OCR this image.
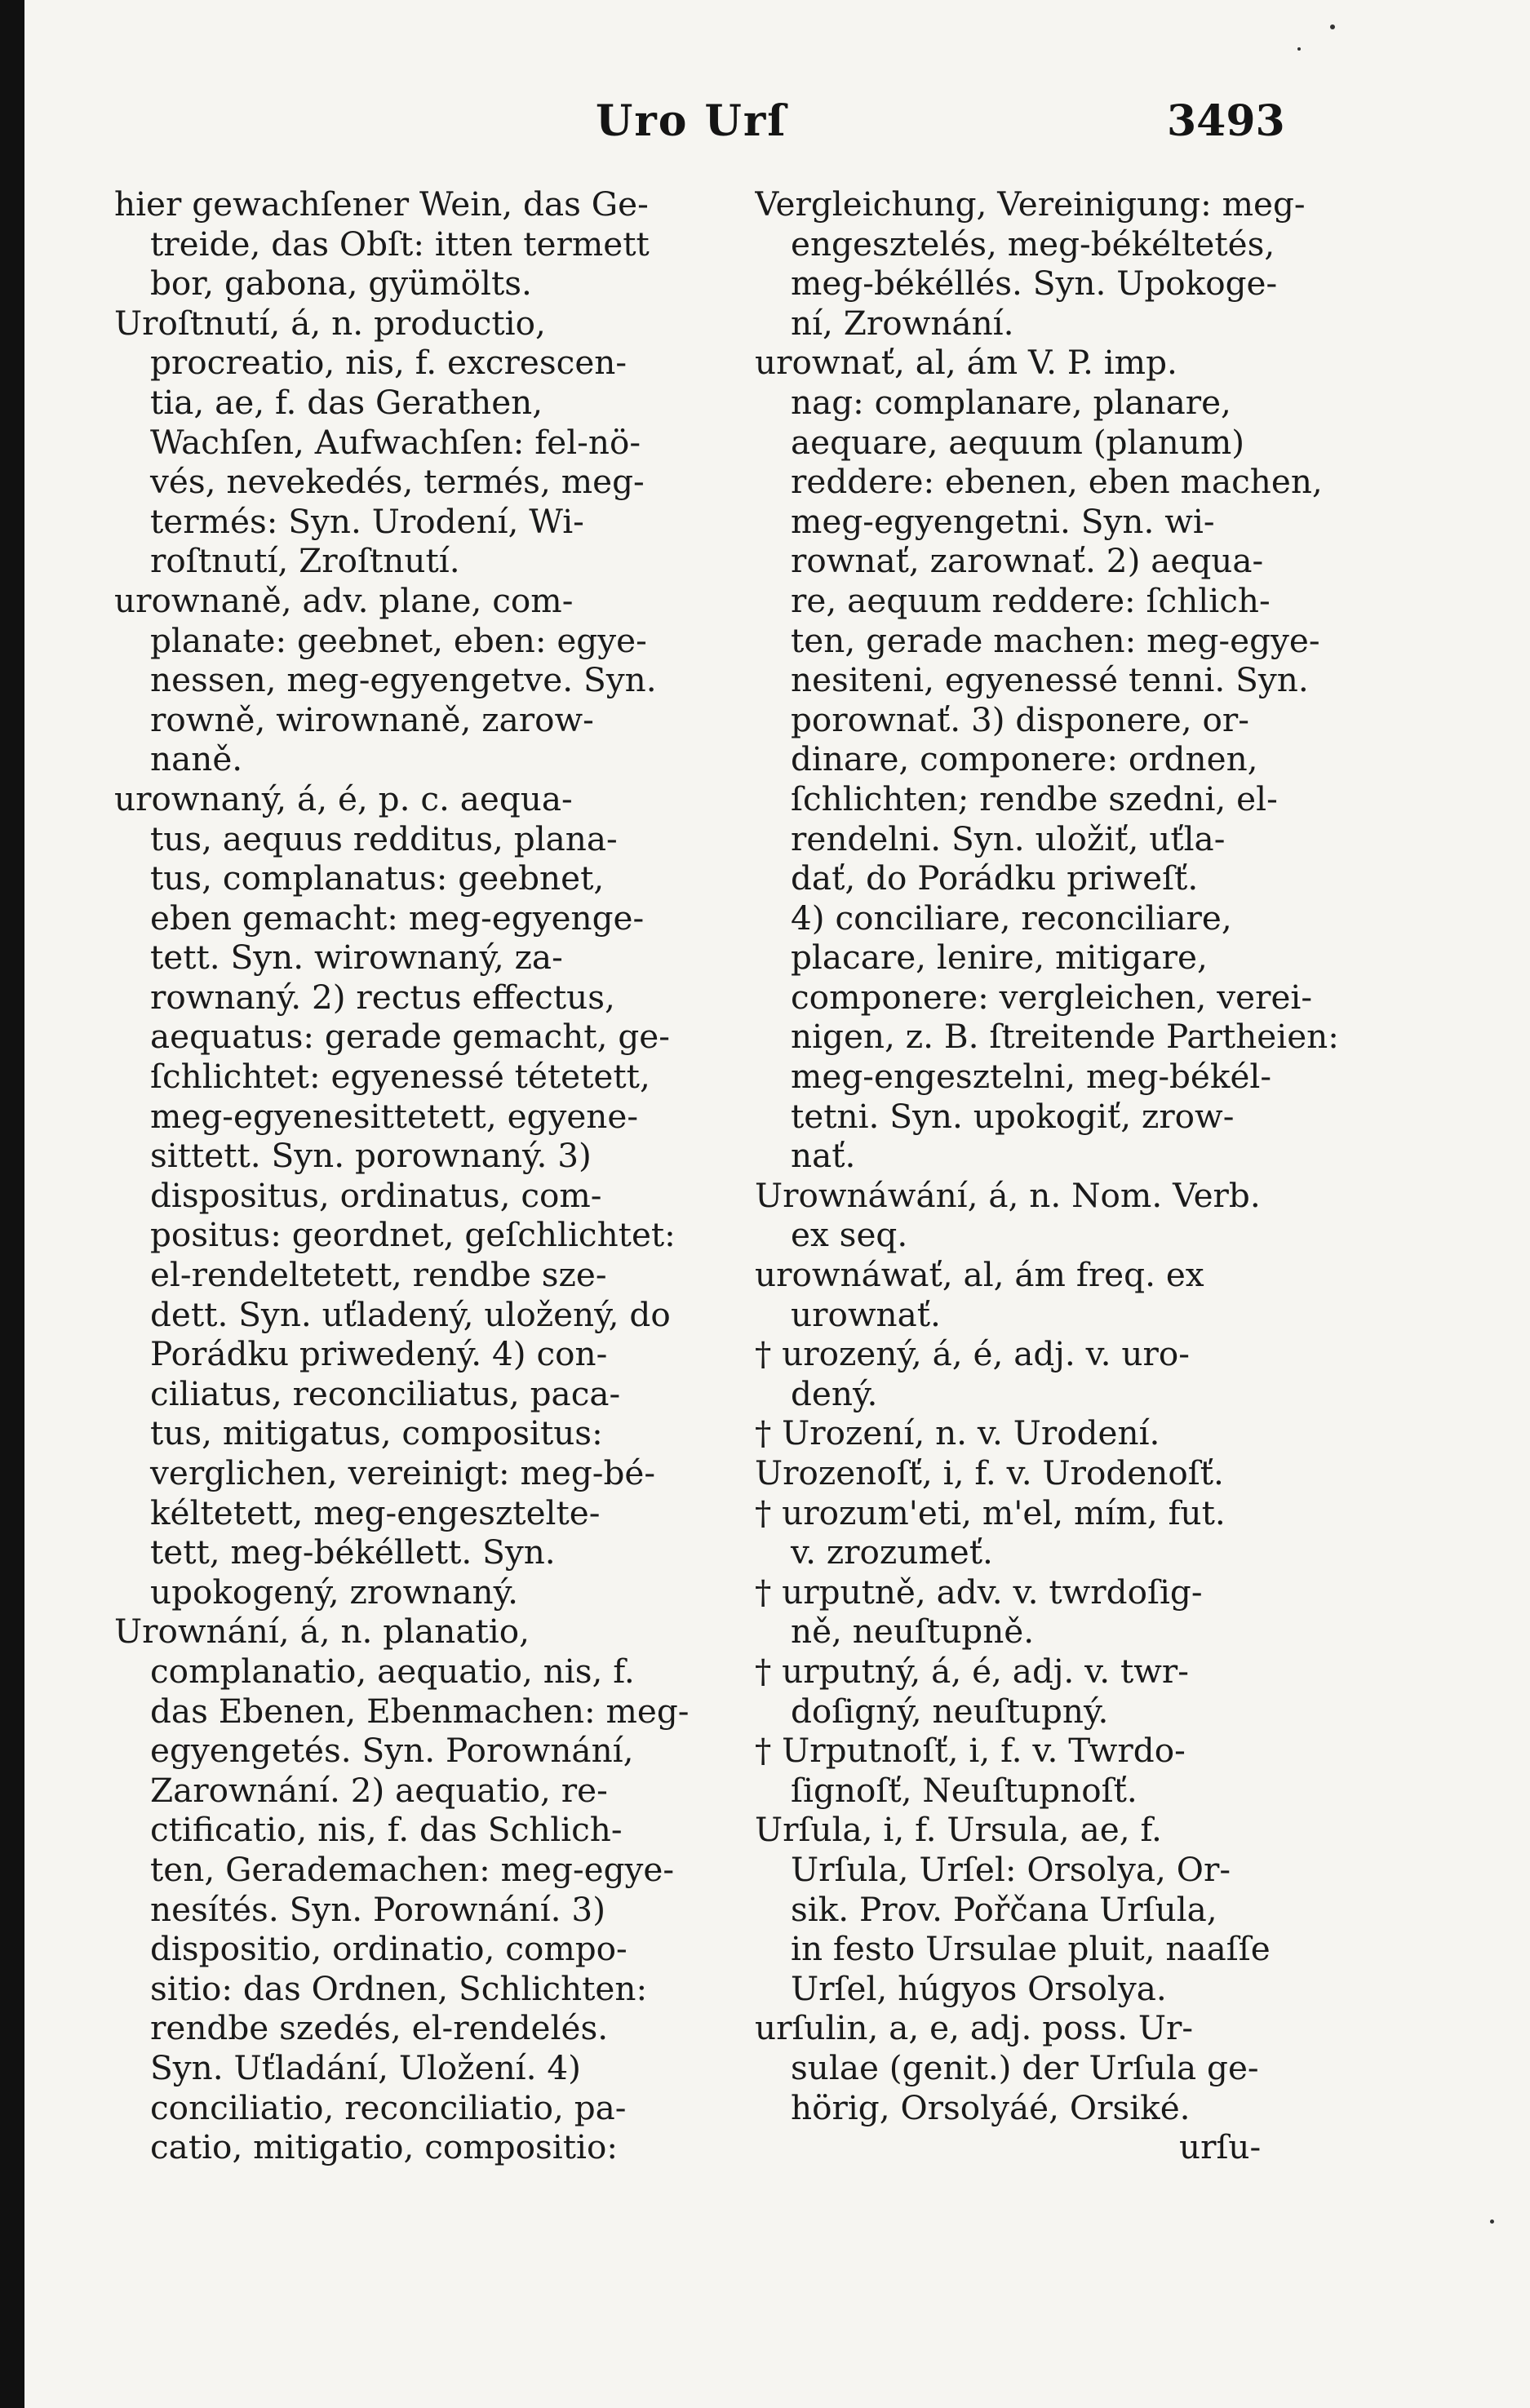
Uro Urſ	3493
hier gewachſener Wein, das Ge-
treide, das Obſt: itten termett
bor, gabona, gyümölts.
Uroſtnutí, á, n. productio,
procreatio, nis, f. excrescen-
tia, ae, f. das Gerathen,
Wachſen, Aufwachſen: fel-nö-
vés, nevekedés, termés, meg-
termés: Syn. Urodení, Wi-
roſtnutí, Zroſtnutí.
urownaně, adv. plane, com-
planate: geebnet, eben: egye-
nessen, meg-egyengetve. Syn.
rowně, wirownaně, zarow-
naně.
urownaný, á, é, p. c. aequa-
tus, aequus redditus, plana-
tus, complanatus: geebnet,
eben gemacht: meg-egyenge-
tett. Syn. wirownaný, za-
rownaný. 2) rectus effectus,
aequatus: gerade gemacht, ge-
ſchlichtet: egyenessé tétetett,
meg-egyenesittetett, egyene-
sittett. Syn. porownaný. 3)
dispositus, ordinatus, com-
positus: geordnet, geſchlichtet:
el-rendeltetett, rendbe sze-
dett. Syn. uťladený, uložený, do
Porádku priwedený. 4) con-
ciliatus, reconciliatus, paca-
tus, mitigatus, compositus:
verglichen, vereinigt: meg-bé-
kéltetett, meg-engesztelte-
tett, meg-békéllett. Syn.
upokogený, zrownaný.
Urownání, á, n. planatio,
complanatio, aequatio, nis, f.
das Ebenen, Ebenmachen: meg-
egyengetés. Syn. Porownání,
Zarownání. 2) aequatio, re-
ctificatio, nis, f. das Schlich-
ten, Gerademachen: meg-egye-
nesítés. Syn. Porownání. 3)
dispositio, ordinatio, compo-
sitio: das Ordnen, Schlichten:
rendbe szedés, el-rendelés.
Syn. Uťladání, Uložení. 4)
conciliatio, reconciliatio, pa-
catio, mitigatio, compositio:
Vergleichung, Vereinigung: meg-
engesztelés, meg-békéltetés,
meg-békéllés. Syn. Upokoge-
ní, Zrownání.
urownať, al, ám V. P. imp.
nag: complanare, planare,
aequare, aequum (planum)
reddere: ebenen, eben machen,
meg-egyengetni. Syn. wi-
rownať, zarownať. 2) aequa-
re, aequum reddere: ſchlich-
ten, gerade machen: meg-egye-
nesiteni, egyenessé tenni. Syn.
porownať. 3) disponere, or-
dinare, componere: ordnen,
ſchlichten; rendbe szedni, el-
rendelni. Syn. uložiť, uťla-
dať, do Porádku priweſť.
4) conciliare, reconciliare,
placare, lenire, mitigare,
componere: vergleichen, verei-
nigen, z. B. ſtreitende Partheien:
meg-engesztelni, meg-békél-
tetni. Syn. upokogiť, zrow-
nať.
Urownáwání, á, n. Nom. Verb.
ex seq.
urownáwať, al, ám freq. ex
urownať.
† urozený, á, é, adj. v. uro-
dený.
† Urození, n. v. Urodení.
Urozenoſť, i, f. v. Urodenoſť.
† urozum'eti, m'el, mím, fut.
v. zrozumeť.
† urputně, adv. v. twrdoſig-
ně, neuſtupně.
† urputný, á, é, adj. v. twr-
doſigný, neuſtupný.
† Urputnoſť, i, f. v. Twrdo-
ſignoſť, Neuſtupnoſť.
Urſula, i, f. Ursula, ae, f.
Urſula, Urſel: Orsolya, Or-
sik. Prov. Pořčana Urſula,
in festo Ursulae pluit, naaſſe
Urſel, húgyos Orsolya.
urſulin, a, e, adj. poss. Ur-
sulae (genit.) der Urſula ge-
hörig, Orsolyáé, Orsiké.
urſu-
